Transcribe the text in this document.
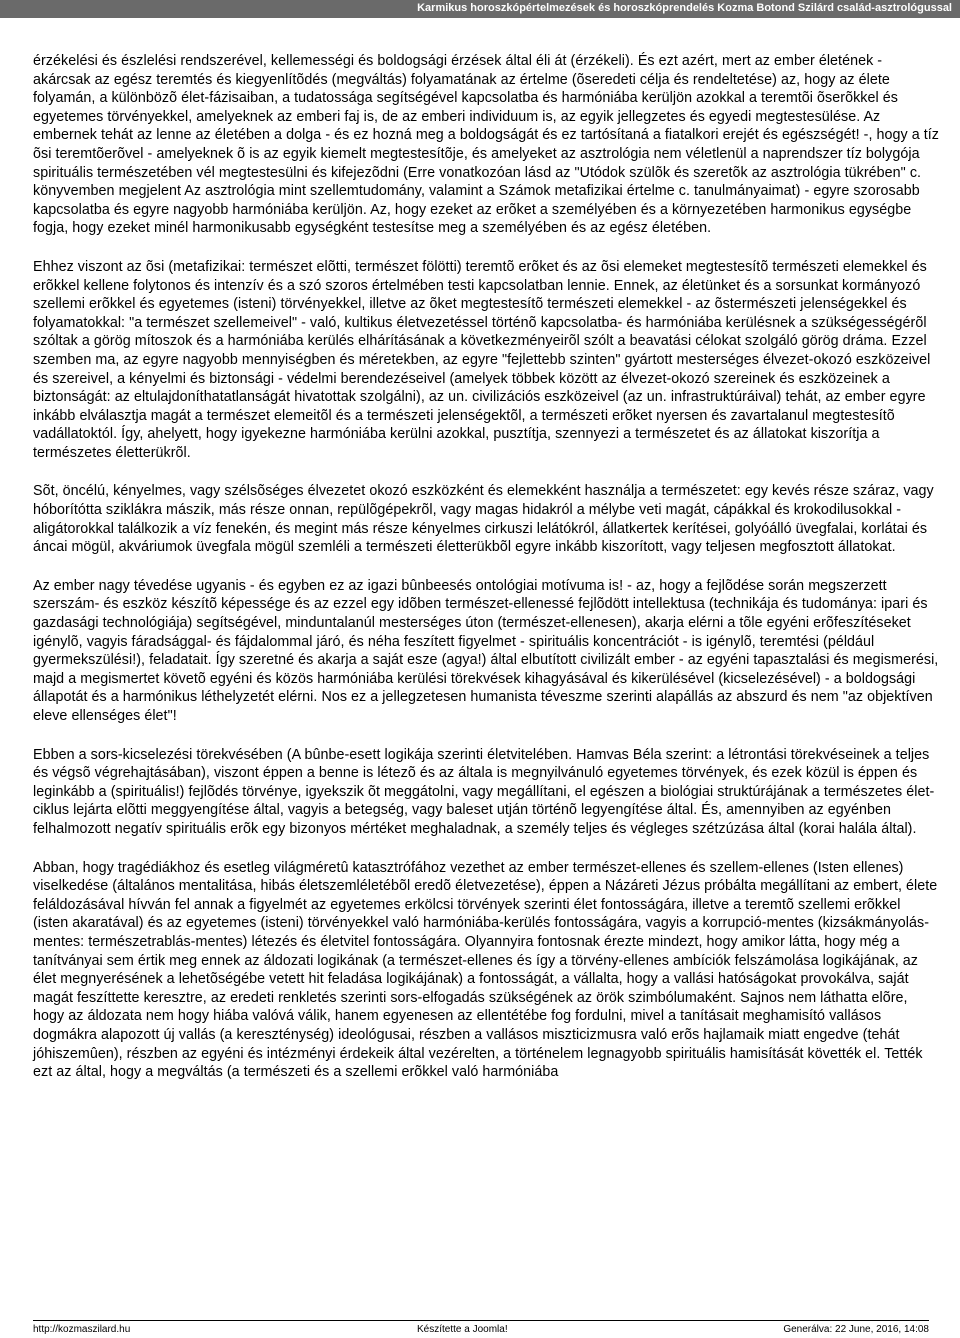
Karmikus horoszkópértelmezések és horoszkóprendelés Kozma Botond Szilárd család-asztrológussal

érzékelési és észlelési rendszerével, kellemességi és boldogsági érzések által éli át (érzékeli). És ezt azért, mert az ember életének - akárcsak az egész teremtés és kiegyenlítõdés (megváltás) folyamatának az értelme (õseredeti célja és rendeltetése) az, hogy az élete folyamán, a különbözõ élet-fázisaiban, a tudatossága segítségével kapcsolatba és harmóniába kerüljön azokkal a teremtõi õserõkkel és egyetemes törvényekkel, amelyeknek az emberi faj is, de az emberi individuum is, az egyik jellegzetes és egyedi megtestesülése. Az embernek tehát az lenne az életében a dolga - és ez hozná meg a boldogságát és ez tartósítaná a fiatalkori erejét és egészségét! -, hogy a tíz õsi teremtõerõvel - amelyeknek õ is az egyik kiemelt megtestesítõje, és amelyeket az asztrológia nem véletlenül a naprendszer tíz bolygója spirituális természetében vél megtestesülni és kifejezõdni (Erre vonatkozóan lásd az "Utódok szülõk és szeretõk az asztrológia tükrében" c. könyvemben megjelent Az asztrológia mint szellemtudomány, valamint a Számok metafizikai értelme c. tanulmányaimat) - egyre szorosabb kapcsolatba és egyre nagyobb harmóniába kerüljön. Az, hogy ezeket az erõket a személyében és a környezetében harmonikus egységbe fogja, hogy ezeket minél harmonikusabb egységként testesítse meg a személyében és az egész életében.

Ehhez viszont az õsi (metafizikai: természet elõtti, természet fölötti) teremtõ erõket és az õsi elemeket megtestesítõ természeti elemekkel és erõkkel kellene folytonos és intenzív és a szó szoros értelmében testi kapcsolatban lennie. Ennek, az életünket és a sorsunkat kormányozó szellemi erõkkel és egyetemes (isteni) törvényekkel, illetve az õket megtestesítõ természeti elemekkel - az õstermészeti jelenségekkel és folyamatokkal: "a természet szellemeivel" - való, kultikus életvezetéssel történõ kapcsolatba- és harmóniába kerülésnek a szükségességérõl szóltak a görög mítoszok és a harmóniába kerülés elhárításának a következményeirõl szólt a beavatási célokat szolgáló görög dráma. Ezzel szemben ma, az egyre nagyobb mennyiségben és méretekben, az egyre "fejlettebb szinten" gyártott mesterséges élvezet-okozó eszközeivel és szereivel, a kényelmi és biztonsági - védelmi berendezéseivel (amelyek többek között az élvezet-okozó szereinek és eszközeinek a biztonságát: az eltulajdoníthatatlanságát hivatottak szolgálni), az un. civilizációs eszközeivel (az un. infrastruktúráival) tehát, az ember egyre inkább elválasztja magát a természet elemeitõl és a természeti jelenségektõl, a természeti erõket nyersen és zavartalanul megtestesítõ vadállatoktól. Így, ahelyett, hogy igyekezne harmóniába kerülni azokkal, pusztítja, szennyezi a természetet és az állatokat kiszorítja a természetes életterükrõl.

Sõt, öncélú, kényelmes, vagy szélsõséges élvezetet okozó eszközként és elemekként használja a természetet: egy kevés része száraz, vagy hóborítótta sziklákra mászik, más része onnan, repülõgépekrõl, vagy magas hidakról a mélybe veti magát, cápákkal és krokodilusokkal - aligátorokkal találkozik a víz fenekén, és megint más része kényelmes cirkuszi lelátókról, állatkertek kerítései, golyóálló üvegfalai, korlátai és áncai mögül, akváriumok üvegfala mögül szemléli a természeti életterükbõl egyre inkább kiszorított, vagy teljesen megfosztott állatokat.

Az ember nagy tévedése ugyanis - és egyben ez az igazi bûnbeesés ontológiai motívuma is! - az, hogy a fejlõdése során megszerzett szerszám- és eszköz készítõ képessége és az ezzel egy idõben természet-ellenessé fejlõdött intellektusa (technikája és tudománya: ipari és gazdasági technológiája) segítségével, minduntalanúl mesterséges úton (természet-ellenesen), akarja elérni a tõle egyéni erõfeszítéseket igénylõ, vagyis fáradsággal- és fájdalommal járó, és néha feszített figyelmet - spirituális koncentrációt - is igénylõ, teremtési (például gyermekszülési!), feladatait. Így szeretné és akarja a saját esze (agya!) által elbutított civilizált ember - az egyéni tapasztalási és megismerési, majd a megismertet követõ egyéni és közös harmóniába kerülési törekvések kihagyásával és kikerülésével (kicselezésével) - a boldogsági állapotát és a harmónikus léthelyzetét elérni. Nos ez a jellegzetesen humanista téveszme szerinti alapállás az abszurd és nem "az objektíven eleve ellenséges élet"!

Ebben a sors-kicselezési törekvésében (A bûnbe-esett logikája szerinti életvitelében. Hamvas Béla szerint: a létrontási törekvéseinek a teljes és végsõ végrehajtásában), viszont éppen a benne is létezõ és az általa is megnyilvánuló egyetemes törvények, és ezek közül is éppen és leginkább a (spirituális!) fejlõdés törvénye, igyekszik õt meggátolni, vagy megállítani, el egészen a biológiai struktúrájának a természetes élet-ciklus lejárta elõtti meggyengítése által, vagyis a betegség, vagy baleset utján történõ legyengítése által. És, amennyiben az egyénben felhalmozott negatív spirituális erõk egy bizonyos mértéket meghaladnak, a személy teljes és végleges szétzúzása által (korai halála által).

Abban, hogy tragédiákhoz és esetleg világméretû katasztrófához vezethet az ember természet-ellenes és szellem-ellenes (Isten ellenes) viselkedése (általános mentalitása, hibás életszemléletébõl eredõ életvezetése), éppen a Názáreti Jézus próbálta megállítani az embert, élete feláldozásával hívván fel annak a figyelmét az egyetemes erkölcsi törvények szerinti élet fontosságára, illetve a teremtõ szellemi erõkkel (isten akaratával) és az egyetemes (isteni) törvényekkel való harmóniába-kerülés fontosságára, vagyis a korrupció-mentes (kizsákmányolás-mentes: természetrablás-mentes) létezés és életvitel fontosságára. Olyannyira fontosnak érezte mindezt, hogy amikor látta, hogy még a tanítványai sem értik meg ennek az áldozati logikának (a természet-ellenes és így a törvény-ellenes ambíciók felszámolása logikájának, az élet megnyerésének a lehetõségébe vetett hit feladása logikájának) a fontosságát, a vállalta, hogy a vallási hatóságokat provokálva, saját magát feszíttette keresztre, az eredeti renkletés szerinti sors-elfogadás szükségének az örök szimbólumaként. Sajnos nem láthatta elõre, hogy az áldozata nem hogy hiába valóvá válik, hanem egyenesen az ellentétébe fog fordulni, mivel a tanításait meghamisító vallásos dogmákra alapozott új vallás (a kereszténység) ideológusai, részben a vallásos miszticizmusra való erõs hajlamaik miatt engedve (tehát jóhiszemûen), részben az egyéni és intézményi érdekeik által vezérelten, a történelem legnagyobb spirituális hamisítását követték el. Tették ezt az által, hogy a megváltás (a természeti és a szellemi erõkkel való harmóniába

http://kozmaszilard.hu	Készítette a Joomla!	Generálva: 22 June, 2016, 14:08
